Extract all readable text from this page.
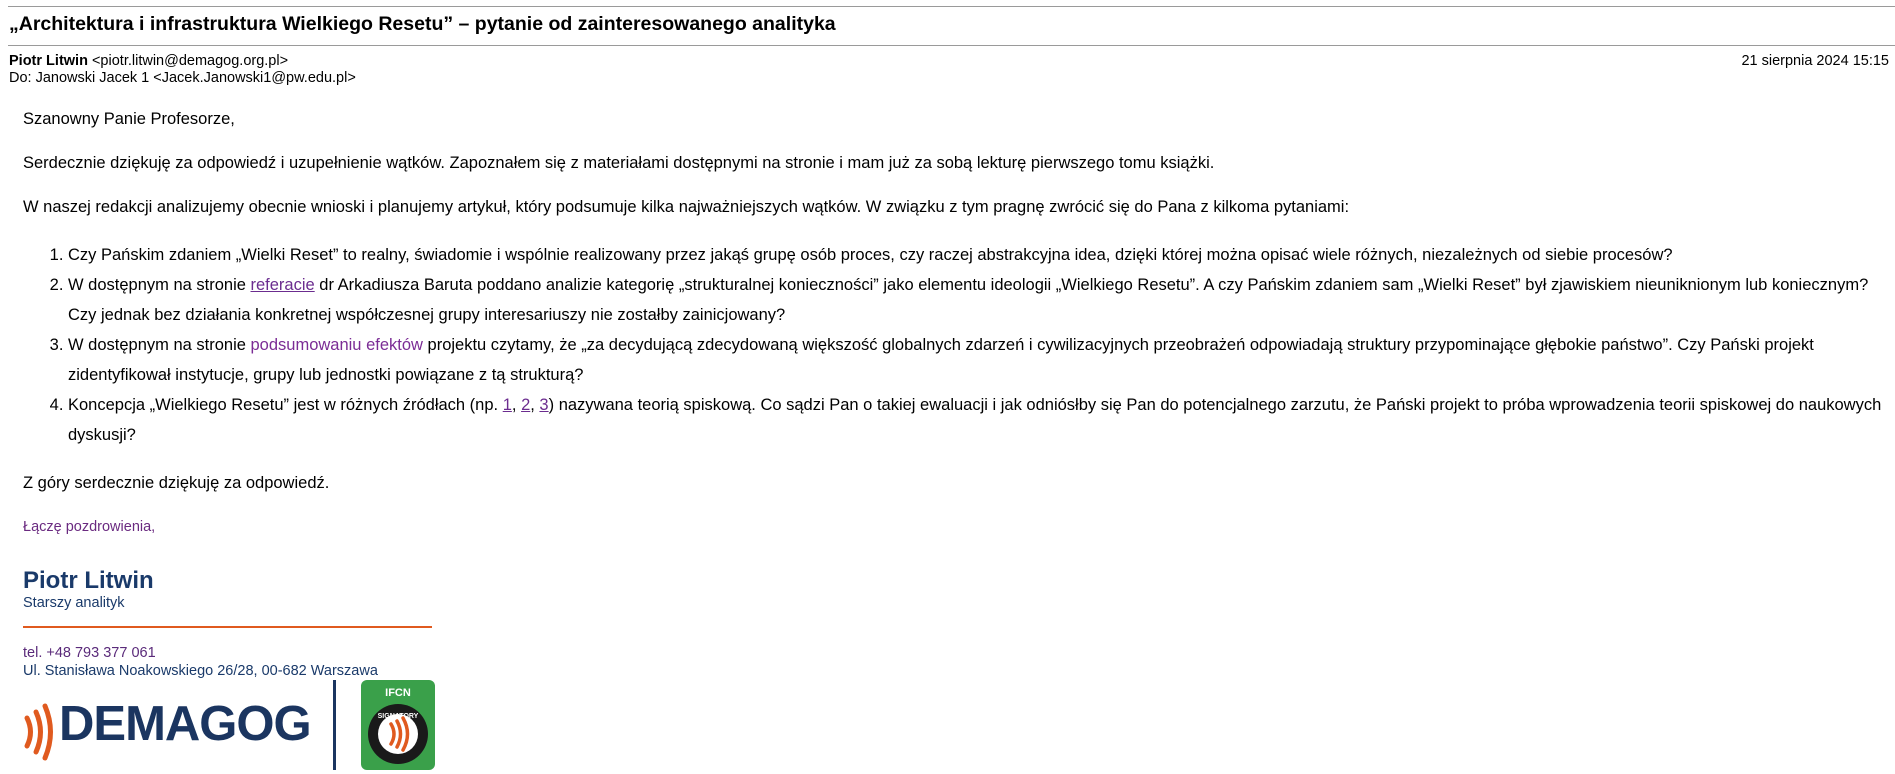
„Architektura i infrastruktura Wielkiego Resetu” – pytanie od zainteresowanego analityka
Piotr Litwin <piotr.litwin@demagog.org.pl>
Do: Janowski Jacek 1 <Jacek.Janowski1@pw.edu.pl>
21 sierpnia 2024 15:15

Szanowny Panie Profesorze,

Serdecznie dziękuję za odpowiedź i uzupełnienie wątków. Zapoznałem się z materiałami dostępnymi na stronie i mam już za sobą lekturę pierwszego tomu książki.

W naszej redakcji analizujemy obecnie wnioski i planujemy artykuł, który podsumuje kilka najważniejszych wątków. W związku z tym pragnę zwrócić się do Pana z kilkoma pytaniami:

1. Czy Pańskim zdaniem „Wielki Reset” to realny, świadomie i wspólnie realizowany przez jakąś grupę osób proces, czy raczej abstrakcyjna idea, dzięki której można opisać wiele różnych, niezależnych od siebie procesów?
2. W dostępnym na stronie referacie dr Arkadiusza Baruta poddano analizie kategorię „strukturalnej konieczności” jako elementu ideologii „Wielkiego Resetu”. A czy Pańskim zdaniem sam „Wielki Reset” był zjawiskiem nieuniknionym lub koniecznym? Czy jednak bez działania konkretnej współczesnej grupy interesariuszy nie zostałby zainicjowany?
3. W dostępnym na stronie podsumowaniu efektów projektu czytamy, że „za decydującą zdecydowaną większość globalnych zdarzeń i cywilizacyjnych przeobrażeń odpowiadają struktury przypominające głębokie państwo”. Czy Pański projekt zidentyfikował instytucje, grupy lub jednostki powiązane z tą strukturą?
4. Koncepcja „Wielkiego Resetu” jest w różnych źródłach (np. 1, 2, 3) nazywana teorią spiskową. Co sądzi Pan o takiej ewaluacji i jak odniósłby się Pan do potencjalnego zarzutu, że Pański projekt to próba wprowadzenia teorii spiskowej do naukowych dyskusji?

Z góry serdecznie dziękuję za odpowiedź.

Łączę pozdrowienia,
Piotr Litwin
Starszy analityk
tel. +48 793 377 061
Ul. Stanisława Noakowskiego 26/28, 00-682 Warszawa
DEMAGOG
IFCN
SIGNATORY
